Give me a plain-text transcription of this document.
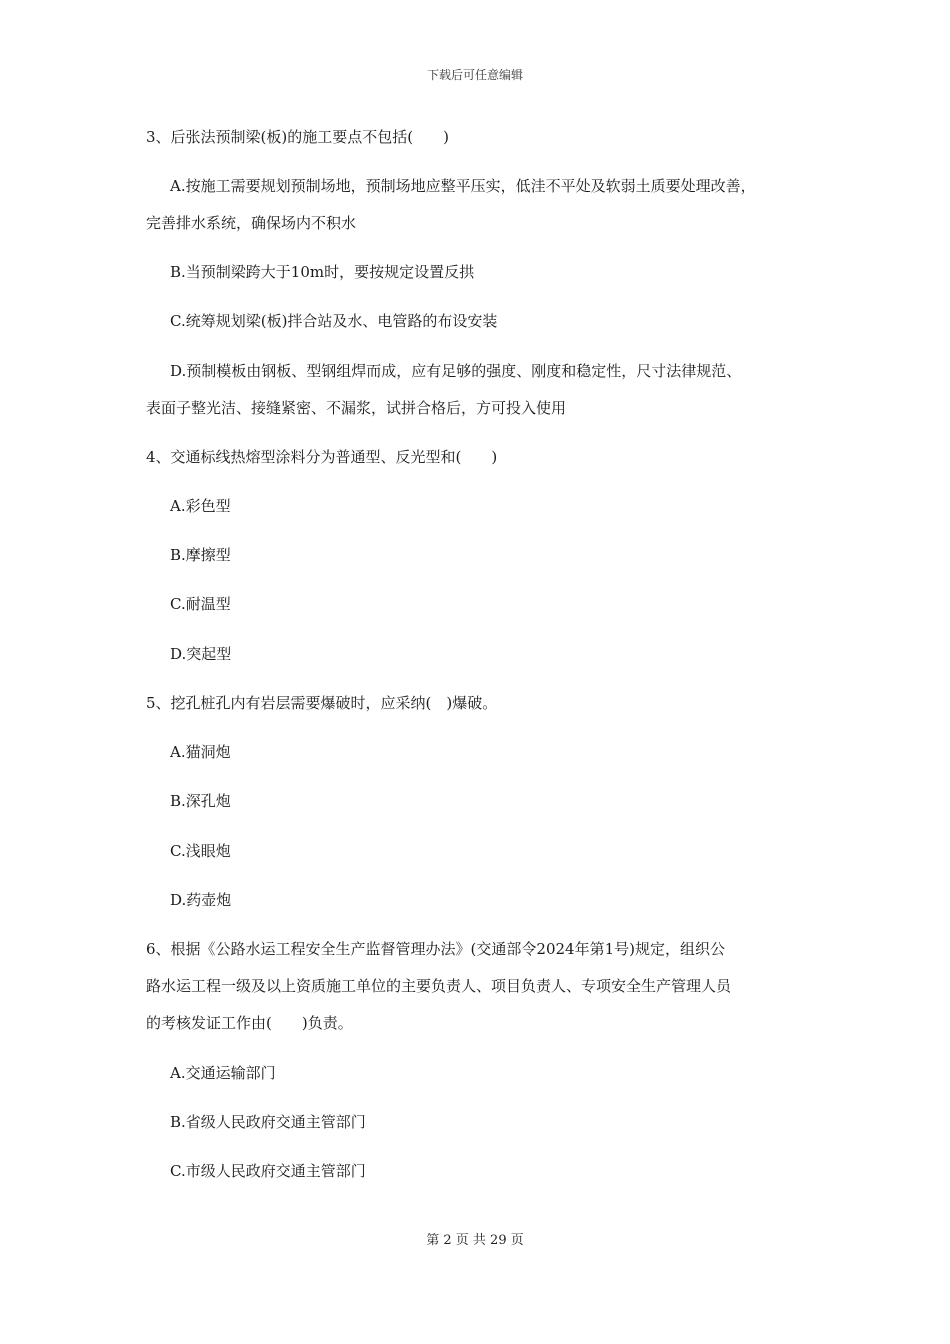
下载后可任意编辑
3、后张法预制梁(板)的施工要点不包括(　　)
A.按施工需要规划预制场地，预制场地应整平压实，低洼不平处及软弱土质要处理改善，
完善排水系统，确保场内不积水
B.当预制梁跨大于10m时，要按规定设置反拱
C.统筹规划梁(板)拌合站及水、电管路的布设安装
D.预制模板由钢板、型钢组焊而成，应有足够的强度、刚度和稳定性，尺寸法律规范、
表面子整光洁、接缝紧密、不漏浆，试拼合格后，方可投入使用
4、交通标线热熔型涂料分为普通型、反光型和(　　)
A.彩色型
B.摩擦型
C.耐温型
D.突起型
5、挖孔桩孔内有岩层需要爆破时，应采纳(　)爆破。
A.猫洞炮
B.深孔炮
C.浅眼炮
D.药壶炮
6、根据《公路水运工程安全生产监督管理办法》(交通部令2024年第1号)规定，组织公
路水运工程一级及以上资质施工单位的主要负责人、项目负责人、专项安全生产管理人员
的考核发证工作由(　　)负责。
A.交通运输部门
B.省级人民政府交通主管部门
C.市级人民政府交通主管部门
第 2 页 共 29 页
